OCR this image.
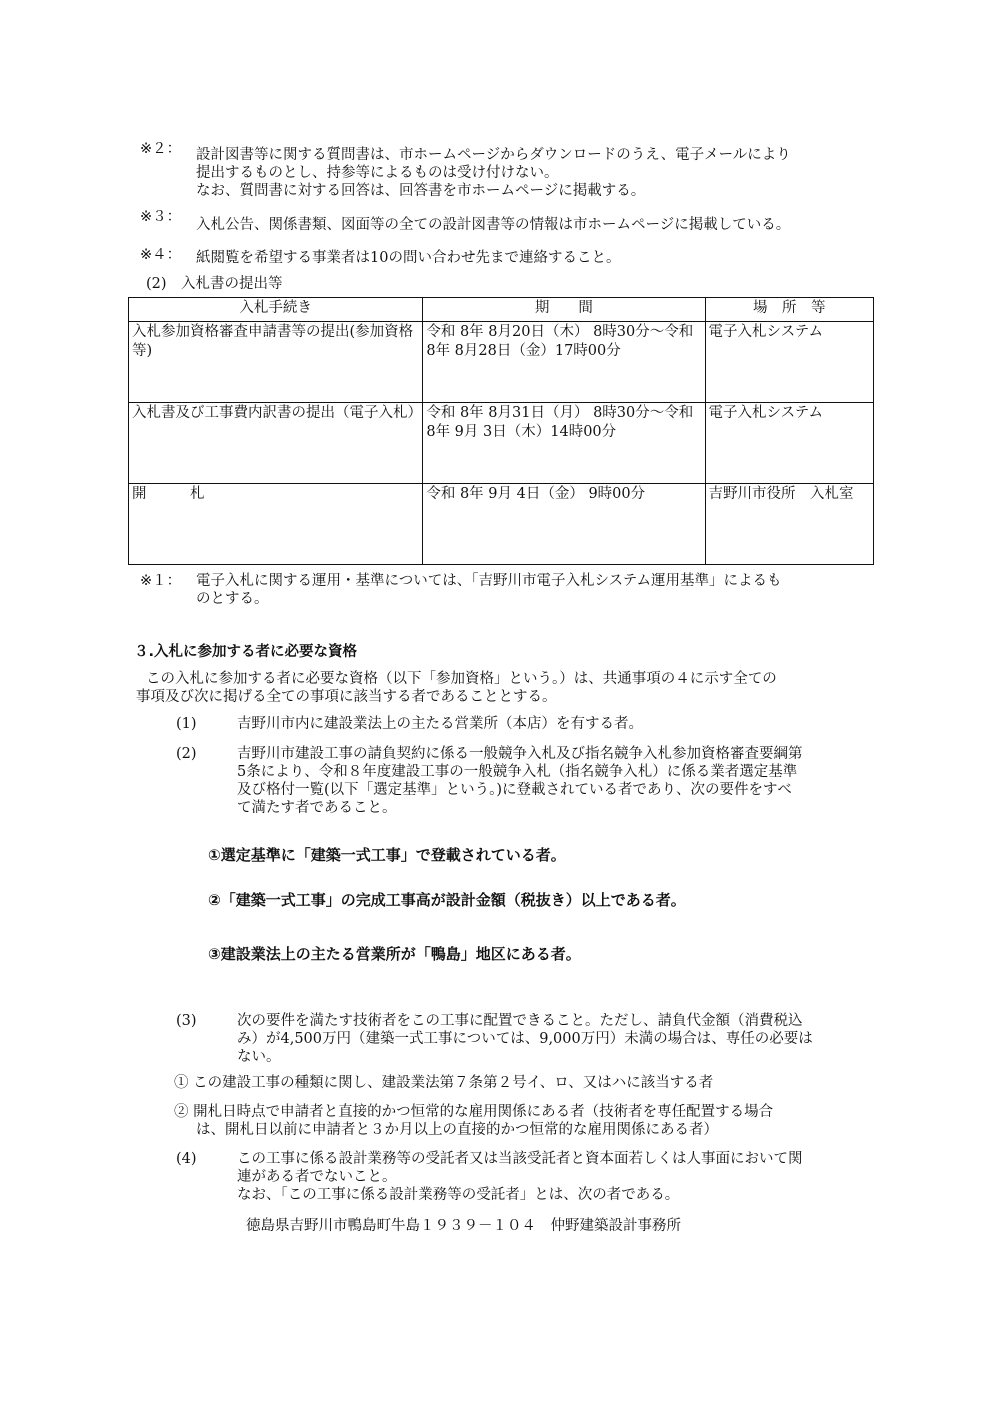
※２：	設計図書等に関する質問書は、市ホームページからダウンロードのうえ、電子メールにより
提出するものとし、持参等によるものは受け付けない。
なお、質問書に対する回答は、回答書を市ホームページに掲載する。
※３：	入札公告、関係書類、図面等の全ての設計図書等の情報は市ホームページに掲載している。
※４：	紙閲覧を希望する事業者は10の問い合わせ先まで連絡すること。
(2)　入札書の提出等
入札手続き	期　　間	場　所　等
入札参加資格審査申請書等の提出(参加資格等)	令和 8年 8月20日（木） 8時30分～令和 8年 8月28日（金）17時00分	電子入札システム
入札書及び工事費内訳書の提出（電子入札）	令和 8年 8月31日（月） 8時30分～令和 8年 9月 3日（木）14時00分	電子入札システム
開　　　札	令和 8年 9月 4日（金） 9時00分	吉野川市役所　入札室
※１：	電子入札に関する運用・基準については、「吉野川市電子入札システム運用基準」によるも
のとする。
３.入札に参加する者に必要な資格
この入札に参加する者に必要な資格（以下「参加資格」という。）は、共通事項の４に示す全ての
事項及び次に掲げる全ての事項に該当する者であることとする。
(1)	吉野川市内に建設業法上の主たる営業所（本店）を有する者。
(2)	吉野川市建設工事の請負契約に係る一般競争入札及び指名競争入札参加資格審査要綱第
5条により、令和８年度建設工事の一般競争入札（指名競争入札）に係る業者選定基準
及び格付一覧(以下「選定基準」という。)に登載されている者であり、次の要件をすべ
て満たす者であること。
①選定基準に「建築一式工事」で登載されている者。
②「建築一式工事」の完成工事高が設計金額（税抜き）以上である者。
③建設業法上の主たる営業所が「鴨島」地区にある者。
(3)	次の要件を満たす技術者をこの工事に配置できること。ただし、請負代金額（消費税込
み）が4,500万円（建築一式工事については、9,000万円）未満の場合は、専任の必要は
ない。
① この建設工事の種類に関し、建設業法第７条第２号イ、ロ、又はハに該当する者
② 開札日時点で申請者と直接的かつ恒常的な雇用関係にある者（技術者を専任配置する場合
は、開札日以前に申請者と３か月以上の直接的かつ恒常的な雇用関係にある者）
(4)	この工事に係る設計業務等の受託者又は当該受託者と資本面若しくは人事面において関
連がある者でないこと。
なお、「この工事に係る設計業務等の受託者」とは、次の者である。
徳島県吉野川市鴨島町牛島１９３９－１０４　仲野建築設計事務所
